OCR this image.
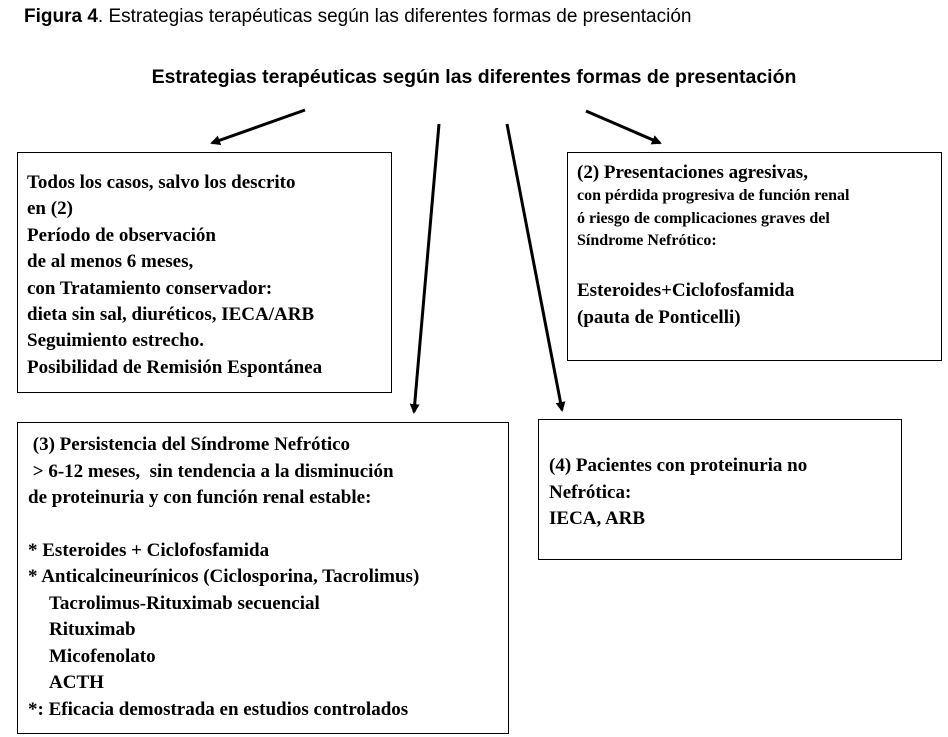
Figura 4. Estrategias terapéuticas según las diferentes formas de presentación
Estrategias terapéuticas según las diferentes formas de presentación
Todos los casos, salvo los descrito
en (2)
Período de observación
de al menos 6 meses,
con Tratamiento conservador:
dieta sin sal, diuréticos, IECA/ARB
Seguimiento estrecho.
Posibilidad de Remisión Espontánea
(2) Presentaciones agresivas,
con pérdida progresiva de función renal
ó riesgo de complicaciones graves del
Síndrome Nefrótico:
Esteroides+Ciclofosfamida
(pauta de Ponticelli)
(3) Persistencia del Síndrome Nefrótico
> 6-12 meses,  sin tendencia a la disminución
de proteinuria y con función renal estable:
* Esteroides + Ciclofosfamida
* Anticalcineurínicos (Ciclosporina, Tacrolimus)
Tacrolimus-Rituximab secuencial
Rituximab
Micofenolato
ACTH
*: Eficacia demostrada en estudios controlados
(4) Pacientes con proteinuria no
Nefrótica:
IECA, ARB
